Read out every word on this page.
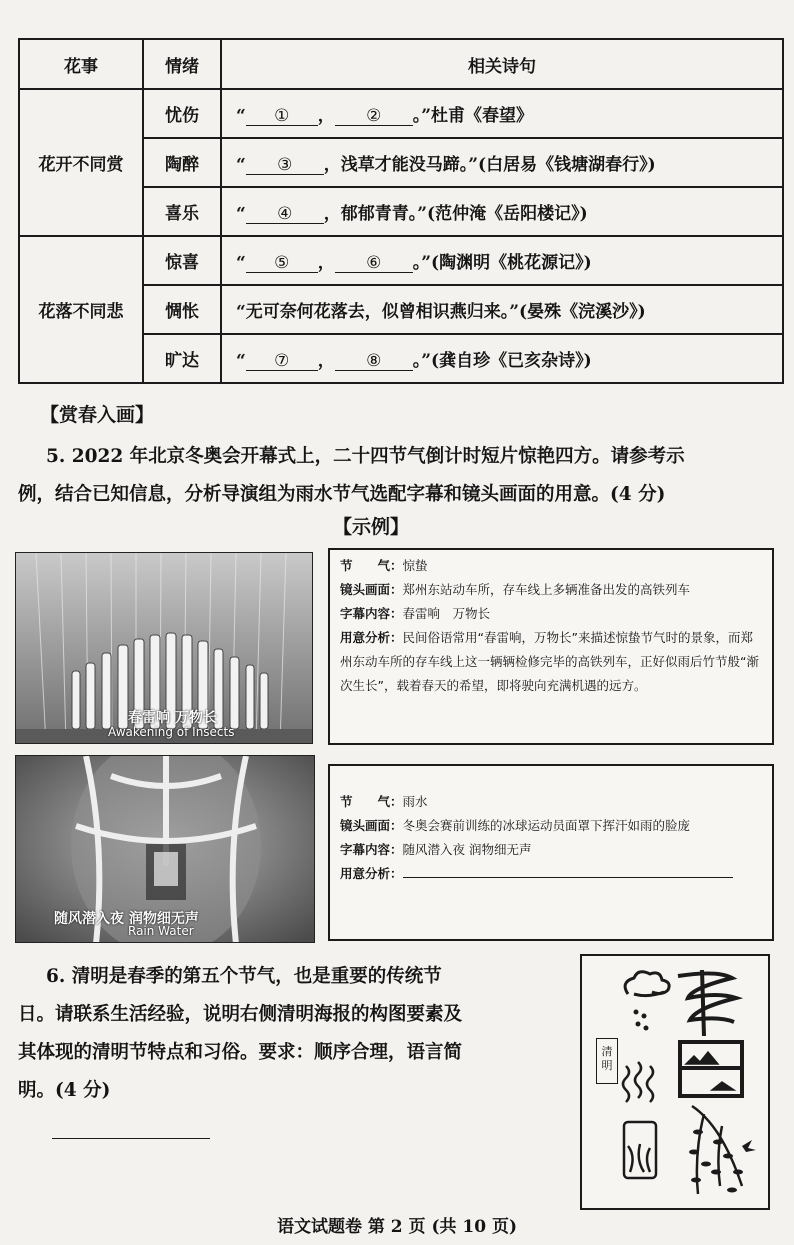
花事	情绪	相关诗句
花开不同赏	忧伤	“ ① ， ② 。”杜甫《春望》
	陶醉	“ ③ ，浅草才能没马蹄。”(白居易《钱塘湖春行》)
	喜乐	“ ④ ，郁郁青青。”(范仲淹《岳阳楼记》)
花落不同悲	惊喜	“ ⑤ ， ⑥ 。”(陶渊明《桃花源记》)
	惆怅	“无可奈何花落去，似曾相识燕归来。”(晏殊《浣溪沙》)
	旷达	“ ⑦ ， ⑧ 。”(龚自珍《已亥杂诗》)
【赏春入画】
5. 2022 年北京冬奥会开幕式上，二十四节气倒计时短片惊艳四方。请参考示
例，结合已知信息，分析导演组为雨水节气选配字幕和镜头画面的用意。(4 分)
【示例】
春雷响 万物长
Awakening of Insects
节　　气：惊蛰
镜头画面：郑州东站动车所，存车线上多辆准备出发的高铁列车
字幕内容：春雷响　万物长
用意分析：民间俗语常用“春雷响，万物长”来描述惊蛰节气时的景象，而郑州东动车所的存车线上这一辆辆检修完毕的高铁列车，正好似雨后竹节般“渐次生长”，载着春天的希望，即将驶向充满机遇的远方。
随风潜入夜 润物细无声
Rain Water
节　　气：雨水
镜头画面：冬奥会赛前训练的冰球运动员面罩下挥汗如雨的脸庞
字幕内容：随风潜入夜 润物细无声
用意分析：
6. 清明是春季的第五个节气，也是重要的传统节
日。请联系生活经验，说明右侧清明海报的构图要素及
其体现的清明节特点和习俗。要求：顺序合理，语言简
明。(4 分)
清明
语文试题卷 第 2 页 (共 10 页)
